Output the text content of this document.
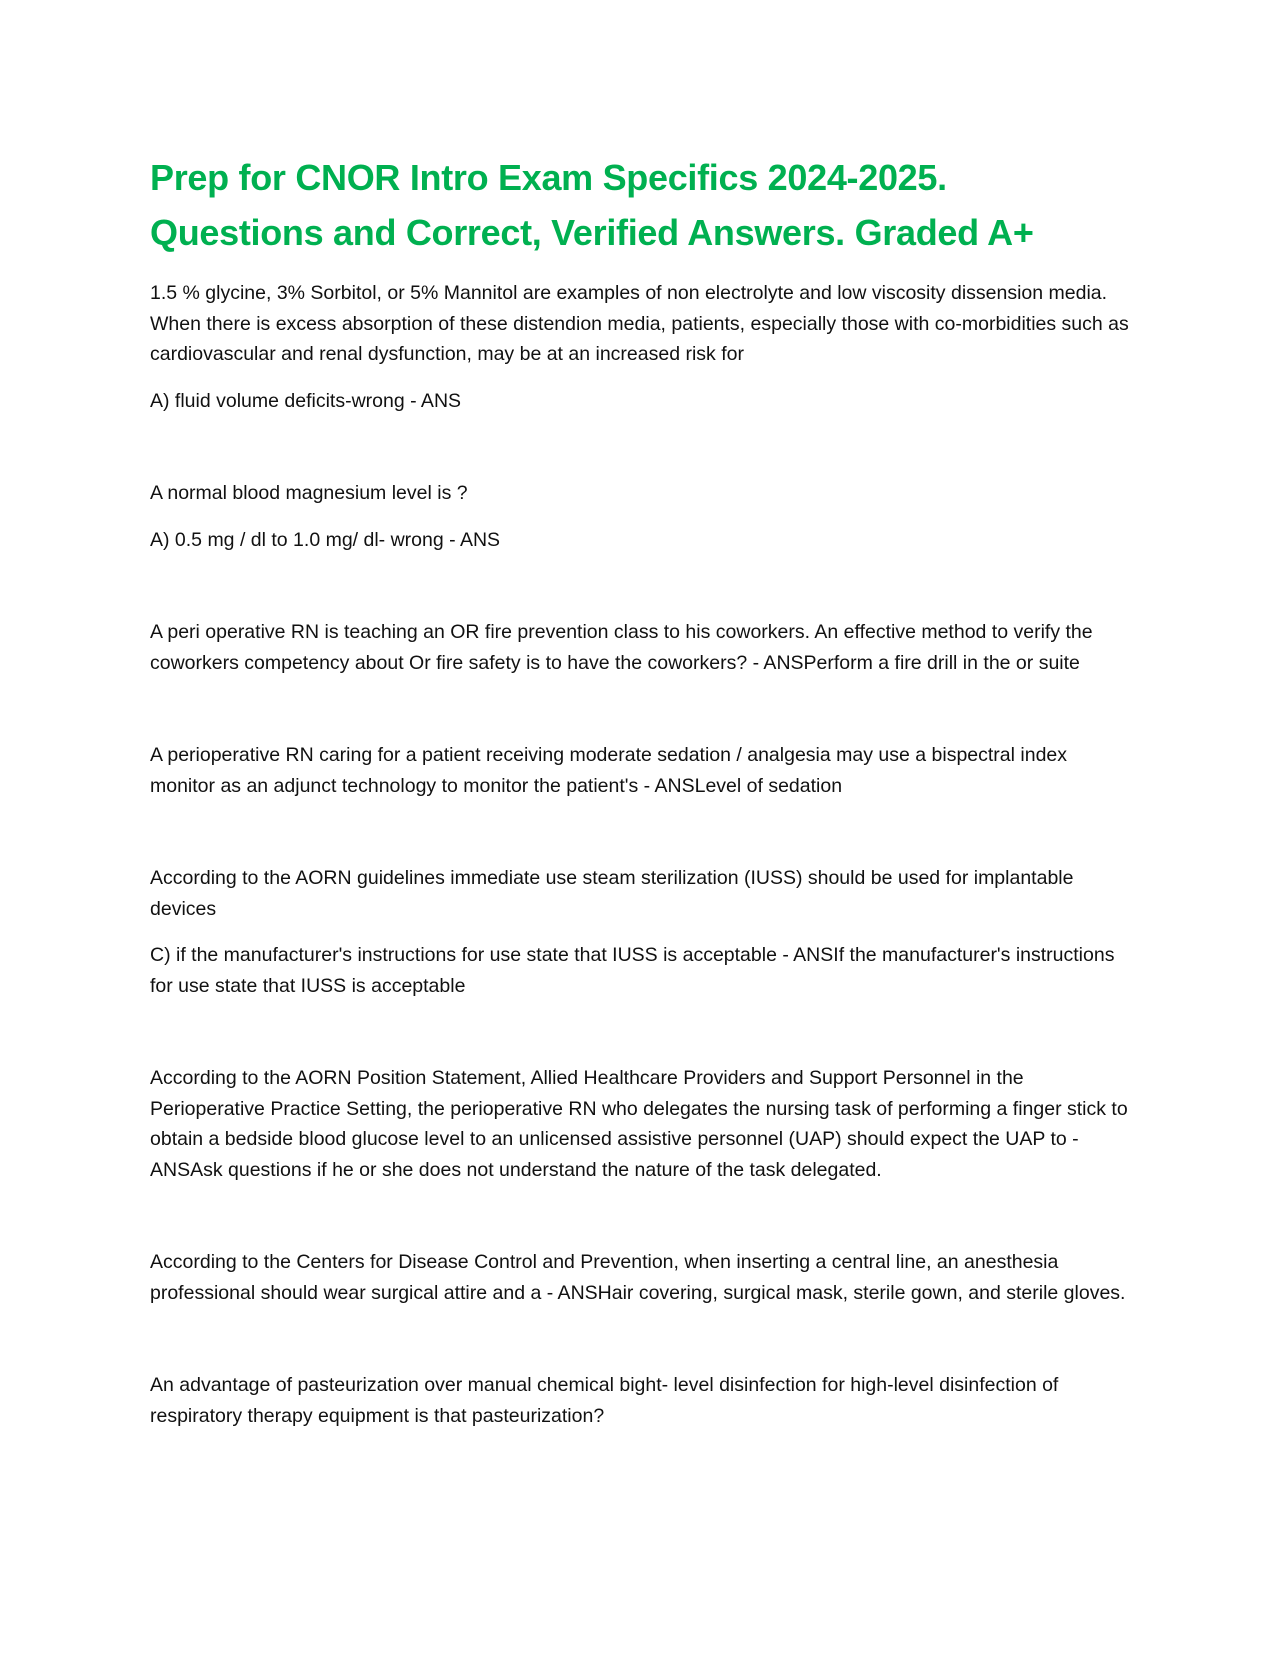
Prep for CNOR Intro Exam Specifics 2024-2025.
Questions and Correct, Verified Answers. Graded A+

1.5 % glycine, 3% Sorbitol, or 5% Mannitol are examples of non electrolyte and low viscosity dissension media. When there is excess absorption of these distendion media, patients, especially those with co-morbidities such as cardiovascular and renal dysfunction, may be at an increased risk for

A) fluid volume deficits-wrong - ANS

A normal blood magnesium level is ?

A) 0.5 mg / dl to 1.0 mg/ dl- wrong - ANS

A peri operative RN is teaching an OR fire prevention class to his coworkers. An effective method to verify the coworkers competency about Or fire safety is to have the coworkers? - ANSPerform a fire drill in the or suite

A perioperative RN caring for a patient receiving moderate sedation / analgesia may use a bispectral index monitor as an adjunct technology to monitor the patient's - ANSLevel of sedation

According to the AORN guidelines immediate use steam sterilization (IUSS) should be used for implantable devices

C) if the manufacturer's instructions for use state that IUSS is acceptable - ANSIf the manufacturer's instructions for use state that IUSS is acceptable

According to the AORN Position Statement, Allied Healthcare Providers and Support Personnel in the Perioperative Practice Setting, the perioperative RN who delegates the nursing task of performing a finger stick to obtain a bedside blood glucose level to an unlicensed assistive personnel (UAP) should expect the UAP to - ANSAsk questions if he or she does not understand the nature of the task delegated.

According to the Centers for Disease Control and Prevention, when inserting a central line, an anesthesia professional should wear surgical attire and a - ANSHair covering, surgical mask, sterile gown, and sterile gloves.

An advantage of pasteurization over manual chemical bight- level disinfection for high-level disinfection of respiratory therapy equipment is that pasteurization?
